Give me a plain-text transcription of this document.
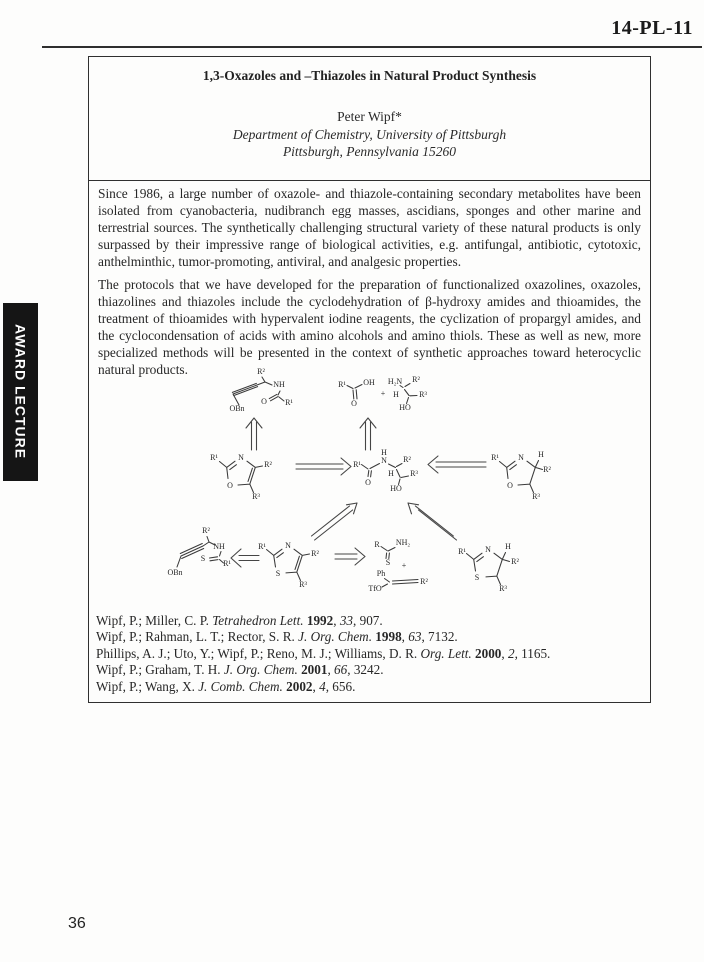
14-PL-11
1,3-Oxazoles and –Thiazoles in Natural Product Synthesis
Peter Wipf*
Department of Chemistry, University of Pittsburgh
Pittsburgh, Pennsylvania 15260

Since 1986, a large number of oxazole- and thiazole-containing secondary metabolites have been isolated from cyanobacteria, nudibranch egg masses, ascidians, sponges and other marine and terrestrial sources. The synthetically challenging structural variety of these natural products is only surpassed by their impressive range of biological activities, e.g. antifungal, antibiotic, cytotoxic, anthelminthic, tumor-promoting, antiviral, and analgesic properties.

The protocols that we have developed for the preparation of functionalized oxazolines, oxazoles, thiazolines and thiazoles include the cyclodehydration of β-hydroxy amides and thioamides, the treatment of thioamides with hypervalent iodine reagents, the cyclization of propargyl amides, and the cyclocondensation of acids with amino alcohols and amino thiols. These as well as new, more specialized methods will be presented in the context of synthetic approaches toward heterocyclic natural products.	R²
NH
O R¹
OBn
R¹ OH
O
+
H₂N R²
H	R³
HO
R¹	N
O
R²
R³
H
R¹	N R²
O
H R³
HO
R¹ N H
O
R²
R³
R²
NH
S
R¹
OBn
R¹ N
S
R²
R³
R NH₂
S +
Ph
TfO
R²
R¹ N H
S
R²
R³
Wipf, P.; Miller, C. P. Tetrahedron Lett. 1992, 33, 907.
Wipf, P.; Rahman, L. T.; Rector, S. R. J. Org. Chem. 1998, 63, 7132.
Phillips, A. J.; Uto, Y.; Wipf, P.; Reno, M. J.; Williams, D. R. Org. Lett. 2000, 2, 1165.
Wipf, P.; Graham, T. H. J. Org. Chem. 2001, 66, 3242.
Wipf, P.; Wang, X. J. Comb. Chem. 2002, 4, 656.
AWARD LECTURE
36
